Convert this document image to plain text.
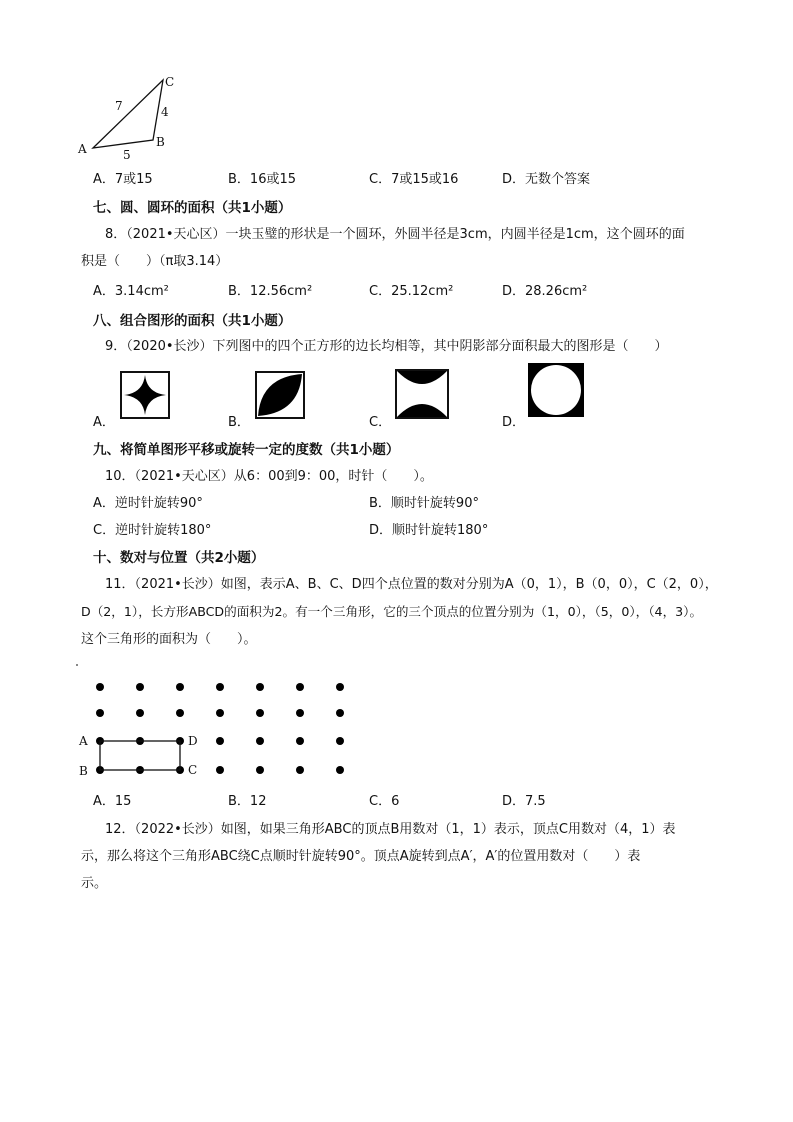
A	B
C
5
4
7
A．7或15	B．16或15	C．7或15或16	D．无数个答案
七、圆、圆环的面积（共1小题）
8．（2021•天心区）一块玉璧的形状是一个圆环，外圆半径是3cm，内圆半径是1cm，这个圆环的面
积是（　　）（π取3.14）
A．3.14cm²	B．12.56cm²	C．25.12cm²	D．28.26cm²
八、组合图形的面积（共1小题）
9．（2020•长沙）下列图中的四个正方形的边长均相等，其中阴影部分面积最大的图形是（　　）
A．	B．	C．	D．
九、将简单图形平移或旋转一定的度数（共1小题）
10．（2021•天心区）从6：00到9：00，时针（　　）。
A．逆时针旋转90°	B．顺时针旋转90°
C．逆时针旋转180°	D．顺时针旋转180°
十、数对与位置（共2小题）
11．（2021•长沙）如图，表示A、B、C、D四个点位置的数对分别为A（0，1），B（0，0），C（2，0），
D（2，1），长方形ABCD的面积为2。有一个三角形，它的三个顶点的位置分别为（1，0），（5，0），（4，3）。
这个三角形的面积为（　　）。
A
B	C
D
A．15	B．12	C．6	D．7.5
12．（2022•长沙）如图，如果三角形ABC的顶点B用数对（1，1）表示，顶点C用数对（4，1）表
示，那么将这个三角形ABC绕C点顺时针旋转90°。顶点A旋转到点A′，A′的位置用数对（　　）表
示。
